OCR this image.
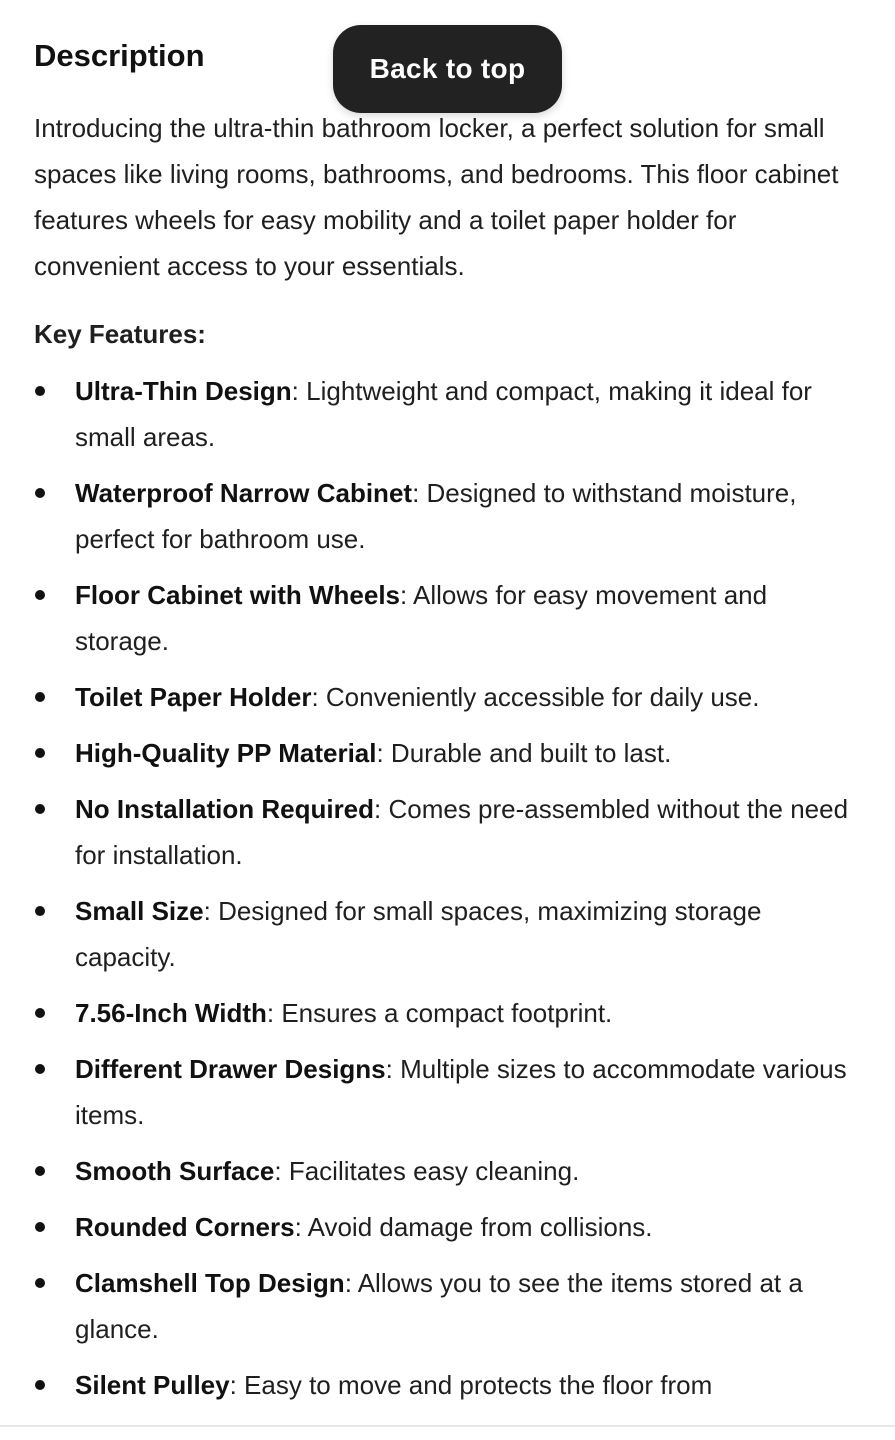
Description	Back to top

Introducing the ultra-thin bathroom locker, a perfect solution for small spaces like living rooms, bathrooms, and bedrooms. This floor cabinet features wheels for easy mobility and a toilet paper holder for convenient access to your essentials.

Key Features:
Ultra-Thin Design: Lightweight and compact, making it ideal for small areas.
Waterproof Narrow Cabinet: Designed to withstand moisture, perfect for bathroom use.
Floor Cabinet with Wheels: Allows for easy movement and storage.
Toilet Paper Holder: Conveniently accessible for daily use.
High-Quality PP Material: Durable and built to last.
No Installation Required: Comes pre-assembled without the need for installation.
Small Size: Designed for small spaces, maximizing storage capacity.
7.56-Inch Width: Ensures a compact footprint.
Different Drawer Designs: Multiple sizes to accommodate various items.
Smooth Surface: Facilitates easy cleaning.
Rounded Corners: Avoid damage from collisions.
Clamshell Top Design: Allows you to see the items stored at a glance.
Silent Pulley: Easy to move and protects the floor from
